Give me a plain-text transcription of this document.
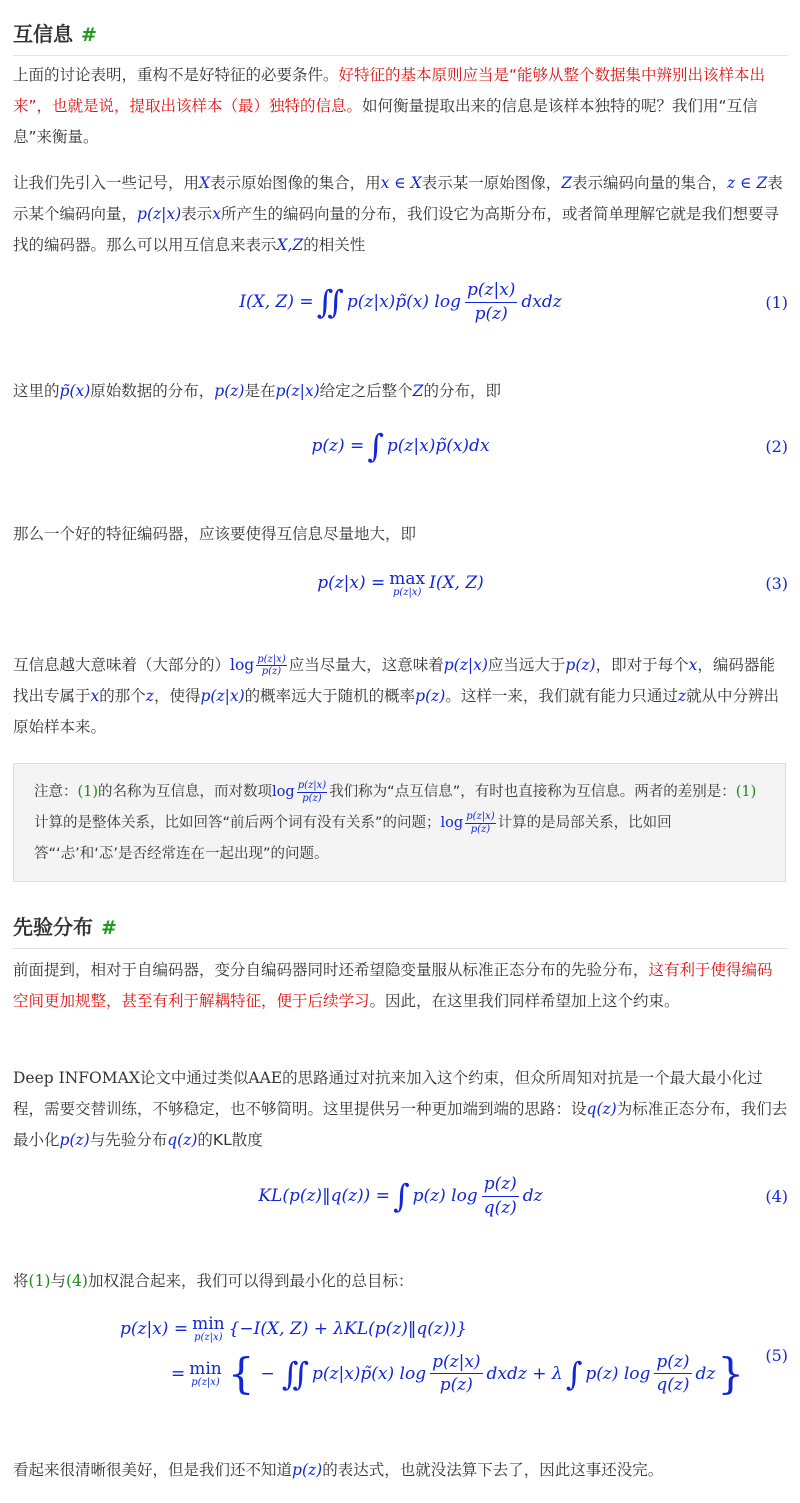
互信息 #

上面的讨论表明，重构不是好特征的必要条件。好特征的基本原则应当是“能够从整个数据集中辨别出该样本出来”，也就是说，提取出该样本（最）独特的信息。如何衡量提取出来的信息是该样本独特的呢？我们用“互信息”来衡量。

让我们先引入一些记号，用X表示原始图像的集合，用x ∈ X表示某一原始图像，Z表示编码向量的集合，z ∈ Z表示某个编码向量，p(z|x)表示x所产生的编码向量的分布，我们设它为高斯分布，或者简单理解它就是我们想要寻找的编码器。那么可以用互信息来表示X,Z的相关性

I(X, Z) = ∬ p(z|x)p̃(x) $\log \frac{p(z|x)}{p(z)}$ dxdz	(1)

这里的p̃(x)原始数据的分布，p(z)是在p(z|x)给定之后整个Z的分布，即

p(z) = ∫ p(z|x)p̃(x)dx	(2)

那么一个好的特征编码器，应该要使得互信息尽量地大，即

p(z|x) = max
p(z|x) I(X, Z)	(3)

互信息越大意味着（大部分的）$\log \frac{p(z|x)}{p(z)}$ 应当尽量大，这意味着p(z|x)应当远大于p(z)，即对于每个x，编码器能找出专属于x的那个z，使得p(z|x)的概率远大于随机的概率p(z)。这样一来，我们就有能力只通过z就从中分辨出原始样本来。

注意：(1)的名称为互信息，而对数项$\log \frac{p(z|x)}{p(z)}$ 我们称为“点互信息”，有时也直接称为互信息。两者的差别是：(1)计算的是整体关系，比如回答“前后两个词有没有关系”的问题；$\log \frac{p(z|x)}{p(z)}$ 计算的是局部关系，比如回答“‘忐’和‘忑’是否经常连在一起出现”的问题。

先验分布 #

前面提到，相对于自编码器，变分自编码器同时还希望隐变量服从标准正态分布的先验分布，这有利于使得编码空间更加规整，甚至有利于解耦特征，便于后续学习。因此，在这里我们同样希望加上这个约束。

Deep INFOMAX论文中通过类似AAE的思路通过对抗来加入这个约束，但众所周知对抗是一个最大最小化过程，需要交替训练，不够稳定，也不够简明。这里提供另一种更加端到端的思路：设q(z)为标准正态分布，我们去最小化p(z)与先验分布q(z)的KL散度

KL(p(z)‖q(z)) = ∫ p(z) $\log \frac{p(z)}{q(z)}$ dz	(4)

将(1)与(4)加权混合起来，我们可以得到最小化的总目标：

p(z|x) = min
p(z|x) {−I(X, Z) + λKL(p(z)‖q(z))}
= min
p(z|x) { − ∬ p(z|x)p̃(x) $\log \frac{p(z|x)}{p(z)}$ dxdz + λ ∫ p(z) $\log \frac{p(z)}{q(z)}$ dz } (5)

看起来很清晰很美好，但是我们还不知道p(z)的表达式，也就没法算下去了，因此这事还没完。
